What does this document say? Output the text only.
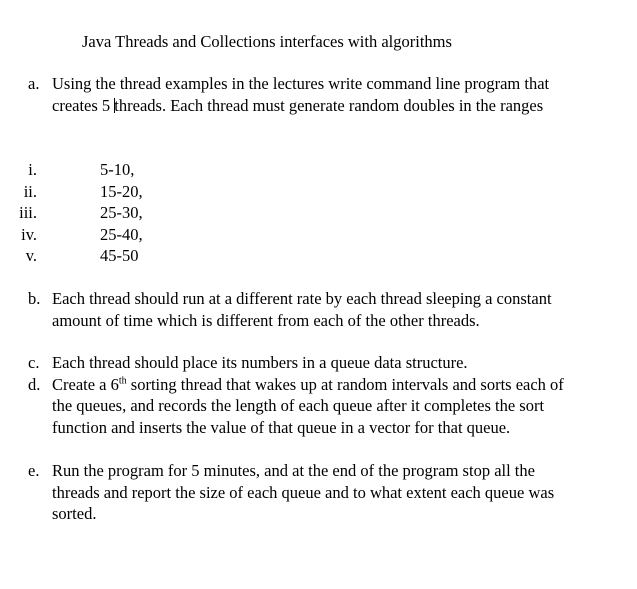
Java Threads and Collections interfaces with algorithms
a. Using the thread examples in the lectures write command line program that creates 5 threads. Each thread must generate random doubles in the ranges
i.	5-10,
ii.	15-20,
iii.	25-30,
iv.	25-40,
v.	45-50
b. Each thread should run at a different rate by each thread sleeping a constant amount of time which is different from each of the other threads.
c. Each thread should place its numbers in a queue data structure.
d. Create a 6th sorting thread that wakes up at random intervals and sorts each of the queues, and records the length of each queue after it completes the sort function and inserts the value of that queue in a vector for that queue.
e. Run the program for 5 minutes, and at the end of the program stop all the threads and report the size of each queue and to what extent each queue was sorted.
